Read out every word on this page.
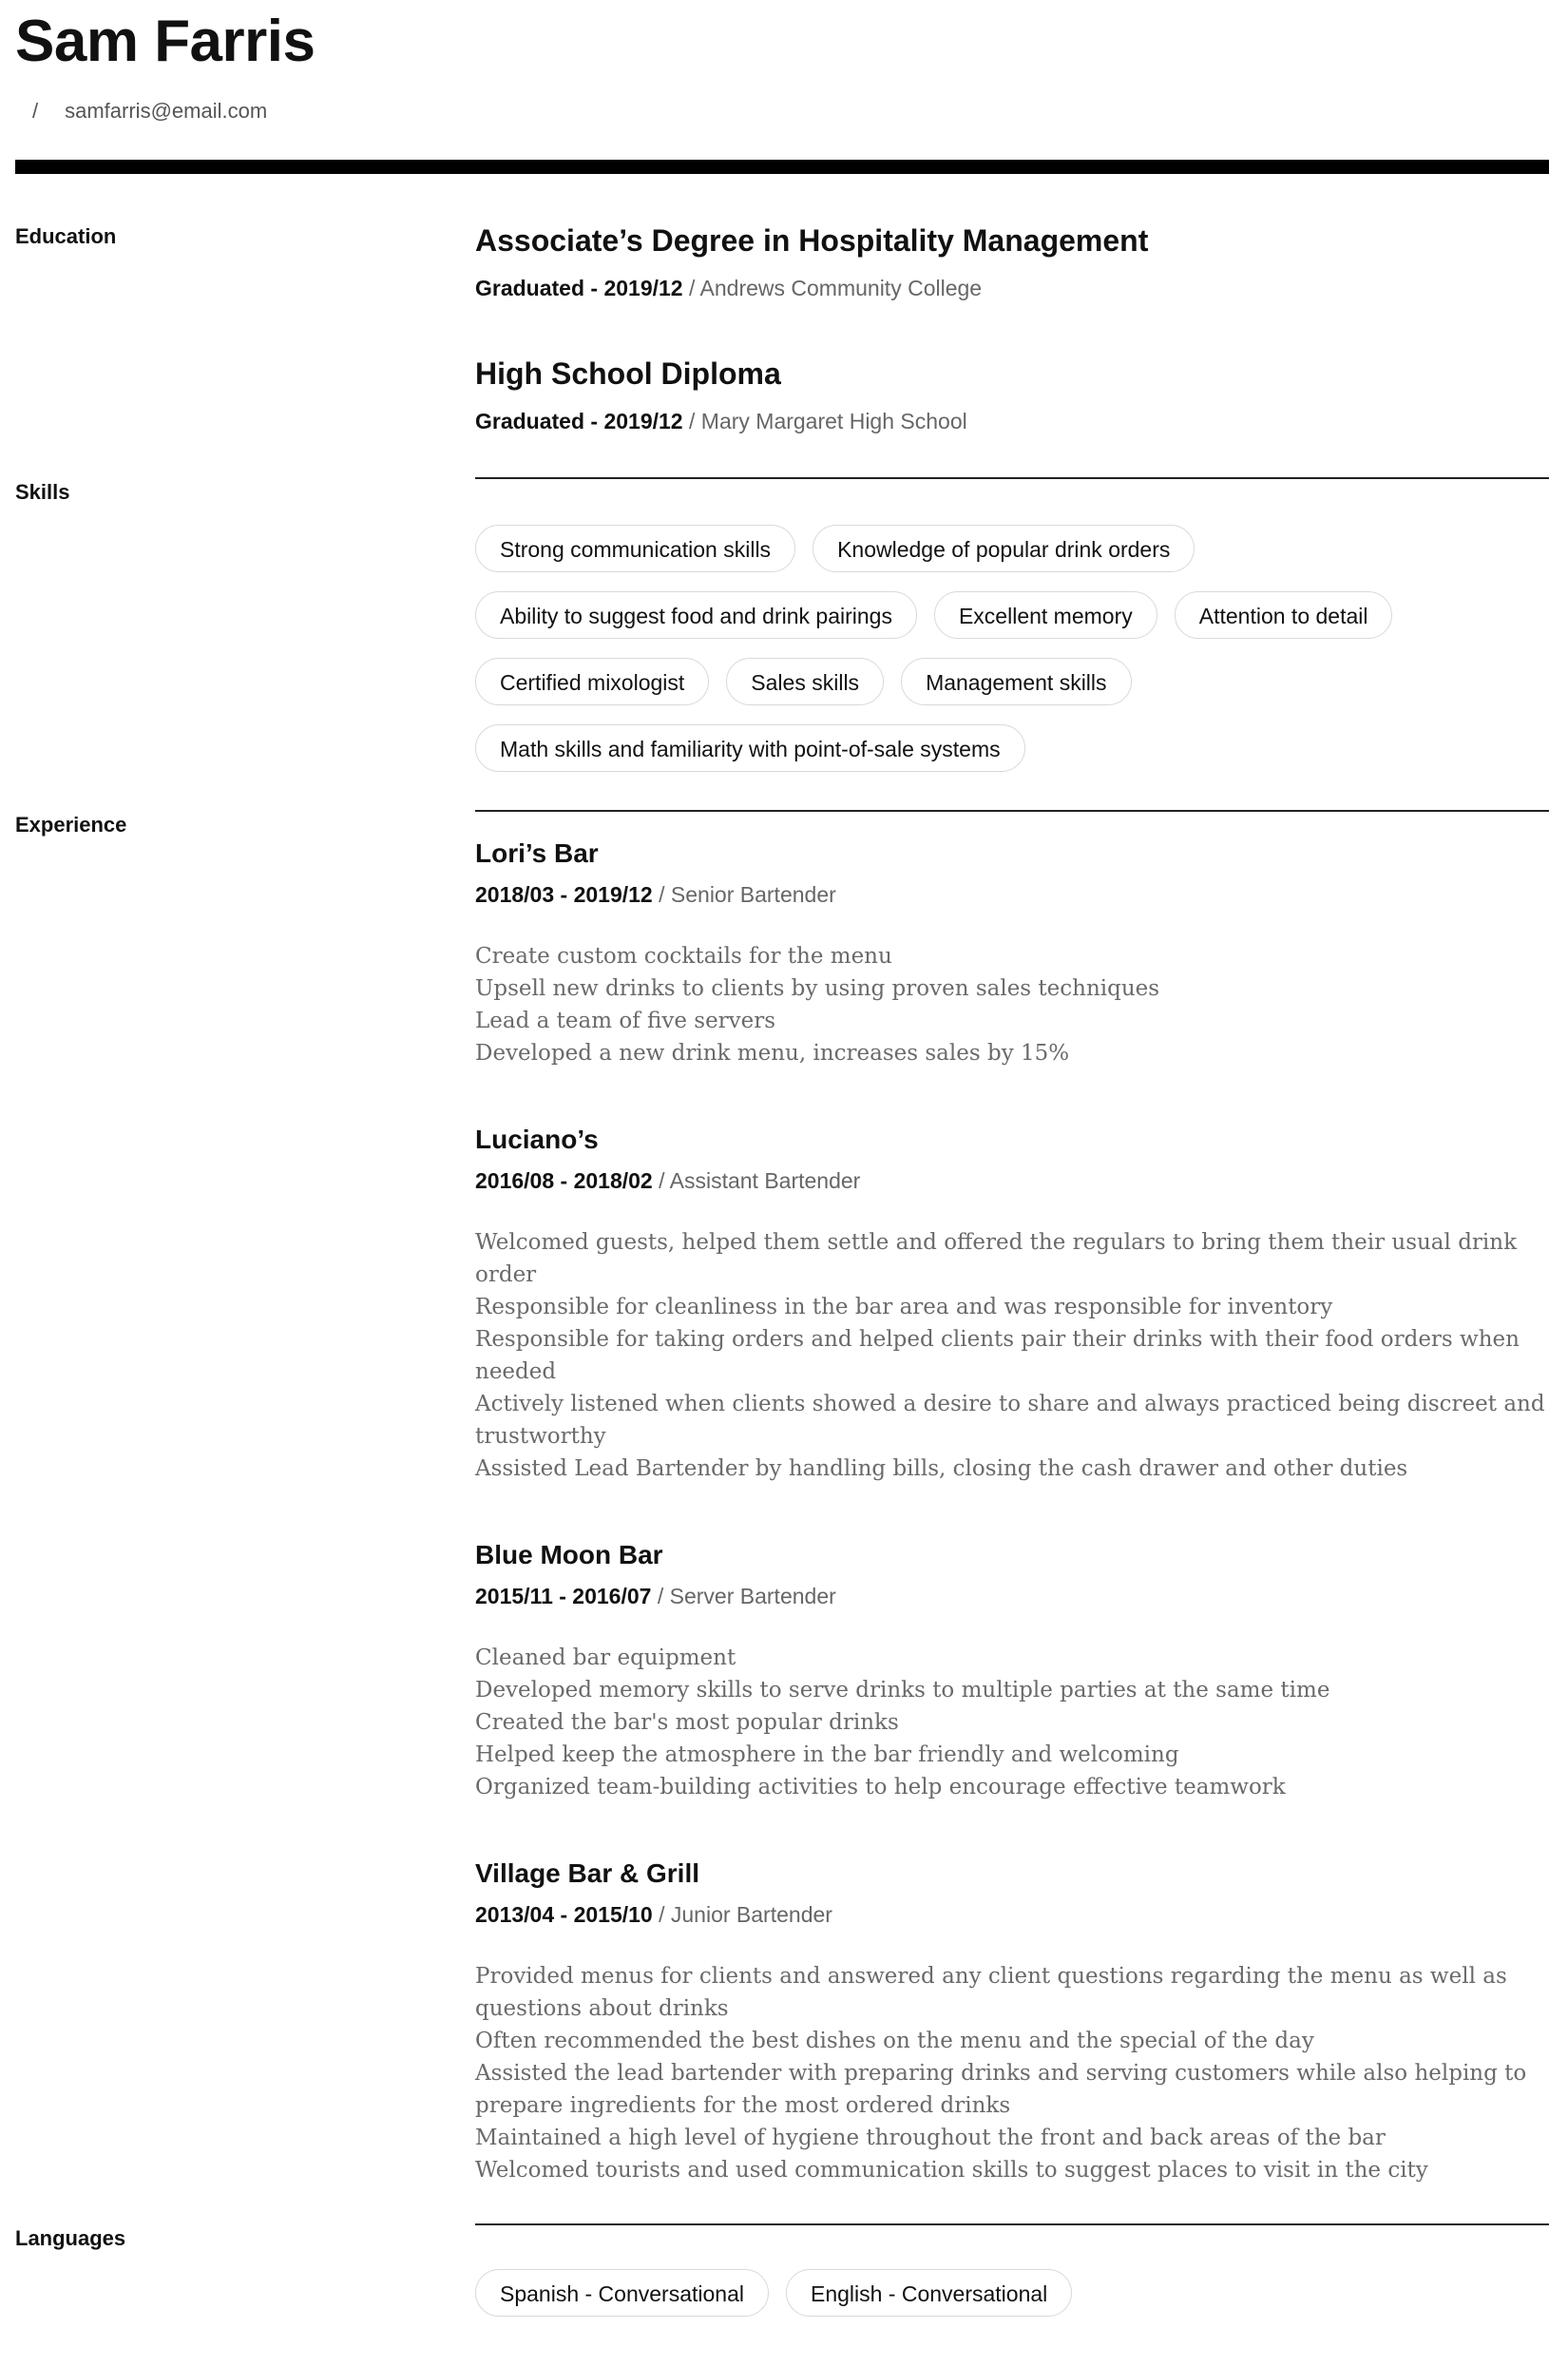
Sam Farris
/ samfarris@email.com
Education	Associate’s Degree in Hospitality Management
Graduated - 2019/12 / Andrews Community College
High School Diploma
Graduated - 2019/12 / Mary Margaret High School
Skills
Strong communication skills	Knowledge of popular drink orders
Ability to suggest food and drink pairings	Excellent memory	Attention to detail
Certified mixologist	Sales skills	Management skills
Math skills and familiarity with point-of-sale systems
Experience
Lori’s Bar
2018/03 - 2019/12 / Senior Bartender
Create custom cocktails for the menu
Upsell new drinks to clients by using proven sales techniques
Lead a team of five servers
Developed a new drink menu, increases sales by 15%
Luciano’s
2016/08 - 2018/02 / Assistant Bartender
Welcomed guests, helped them settle and offered the regulars to bring them their usual drink order
Responsible for cleanliness in the bar area and was responsible for inventory
Responsible for taking orders and helped clients pair their drinks with their food orders when needed
Actively listened when clients showed a desire to share and always practiced being discreet and trustworthy
Assisted Lead Bartender by handling bills, closing the cash drawer and other duties
Blue Moon Bar
2015/11 - 2016/07 / Server Bartender
Cleaned bar equipment
Developed memory skills to serve drinks to multiple parties at the same time
Created the bar's most popular drinks
Helped keep the atmosphere in the bar friendly and welcoming
Organized team-building activities to help encourage effective teamwork
Village Bar & Grill
2013/04 - 2015/10 / Junior Bartender
Provided menus for clients and answered any client questions regarding the menu as well as questions about drinks
Often recommended the best dishes on the menu and the special of the day
Assisted the lead bartender with preparing drinks and serving customers while also helping to prepare ingredients for the most ordered drinks
Maintained a high level of hygiene throughout the front and back areas of the bar
Welcomed tourists and used communication skills to suggest places to visit in the city
Languages
Spanish - Conversational	English - Conversational
